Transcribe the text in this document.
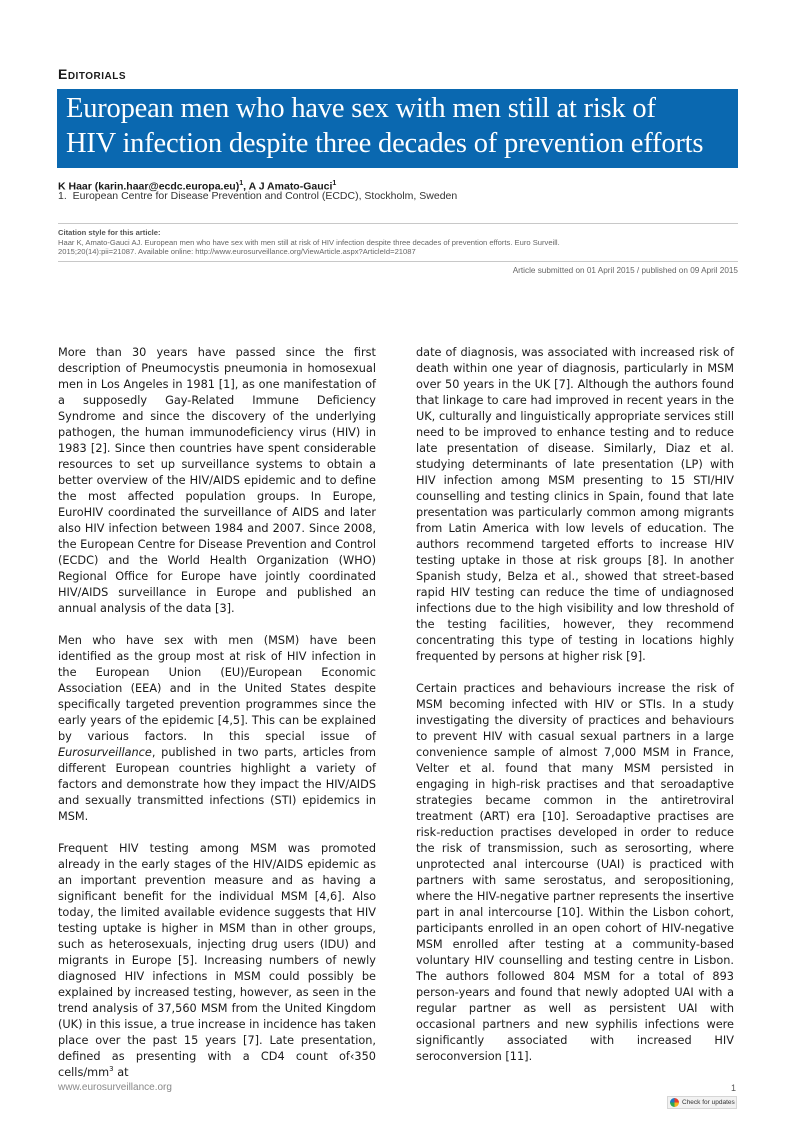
Editorials
European men who have sex with men still at risk of
HIV infection despite three decades of prevention efforts
K Haar (karin.haar@ecdc.europa.eu)$^1$, A J Amato-Gauci$^1$
1. European Centre for Disease Prevention and Control (ECDC), Stockholm, Sweden
Citation style for this article:
Haar K, Amato-Gauci AJ. European men who have sex with men still at risk of HIV infection despite three decades of prevention efforts. Euro Surveill.
2015;20(14):pii=21087. Available online: http://www.eurosurveillance.org/ViewArticle.aspx?ArticleId=21087
Article submitted on 01 April 2015 / published on 09 April 2015

More than 30 years have passed since the first description of Pneumocystis pneumonia in homosexual men in Los Angeles in 1981 [1], as one manifestation of a supposedly Gay-Related Immune Deficiency Syndrome and since the discovery of the underlying pathogen, the human immunodeficiency virus (HIV) in 1983 [2]. Since then countries have spent considerable resources to set up surveillance systems to obtain a better overview of the HIV/AIDS epidemic and to define the most affected population groups. In Europe, EuroHIV coordinated the surveillance of AIDS and later also HIV infection between 1984 and 2007. Since 2008, the European Centre for Disease Prevention and Control (ECDC) and the World Health Organization (WHO) Regional Office for Europe have jointly coordinated HIV/AIDS surveillance in Europe and published an annual analysis of the data [3].

Men who have sex with men (MSM) have been identified as the group most at risk of HIV infection in the European Union (EU)/European Economic Association (EEA) and in the United States despite specifically targeted prevention programmes since the early years of the epidemic [4,5]. This can be explained by various factors. In this special issue of Eurosurveillance, published in two parts, articles from different European countries highlight a variety of factors and demonstrate how they impact the HIV/AIDS and sexually transmitted infections (STI) epidemics in MSM.

Frequent HIV testing among MSM was promoted already in the early stages of the HIV/AIDS epidemic as an important prevention measure and as having a significant benefit for the individual MSM [4,6]. Also today, the limited available evidence suggests that HIV testing uptake is higher in MSM than in other groups, such as heterosexuals, injecting drug users (IDU) and migrants in Europe [5]. Increasing numbers of newly diagnosed HIV infections in MSM could possibly be explained by increased testing, however, as seen in the trend analysis of 37,560 MSM from the United Kingdom (UK) in this issue, a true increase in incidence has taken place over the past 15 years [7]. Late presentation, defined as presenting with a CD4 count of‹350 cells/$mm^3$ at

date of diagnosis, was associated with increased risk of death within one year of diagnosis, particularly in MSM over 50 years in the UK [7]. Although the authors found that linkage to care had improved in recent years in the UK, culturally and linguistically appropriate services still need to be improved to enhance testing and to reduce late presentation of disease. Similarly, Diaz et al. studying determinants of late presentation (LP) with HIV infection among MSM presenting to 15 STI/HIV counselling and testing clinics in Spain, found that late presentation was particularly common among migrants from Latin America with low levels of education. The authors recommend targeted efforts to increase HIV testing uptake in those at risk groups [8]. In another Spanish study, Belza et al., showed that street-based rapid HIV testing can reduce the time of undiagnosed infections due to the high visibility and low threshold of the testing facilities, however, they recommend concentrating this type of testing in locations highly frequented by persons at higher risk [9].

Certain practices and behaviours increase the risk of MSM becoming infected with HIV or STIs. In a study investigating the diversity of practices and behaviours to prevent HIV with casual sexual partners in a large convenience sample of almost 7,000 MSM in France, Velter et al. found that many MSM persisted in engaging in high-risk practises and that seroadaptive strategies became common in the antiretroviral treatment (ART) era [10]. Seroadaptive practises are risk-reduction practises developed in order to reduce the risk of transmission, such as serosorting, where unprotected anal intercourse (UAI) is practiced with partners with same serostatus, and seropositioning, where the HIV-negative partner represents the insertive part in anal intercourse [10]. Within the Lisbon cohort, participants enrolled in an open cohort of HIV-negative MSM enrolled after testing at a community-based voluntary HIV counselling and testing centre in Lisbon. The authors followed 804 MSM for a total of 893 person-years and found that newly adopted UAI with a regular partner as well as persistent UAI with occasional partners and new syphilis infections were significantly associated with increased HIV seroconversion [11].

www.eurosurveillance.org	1
Check for updates
